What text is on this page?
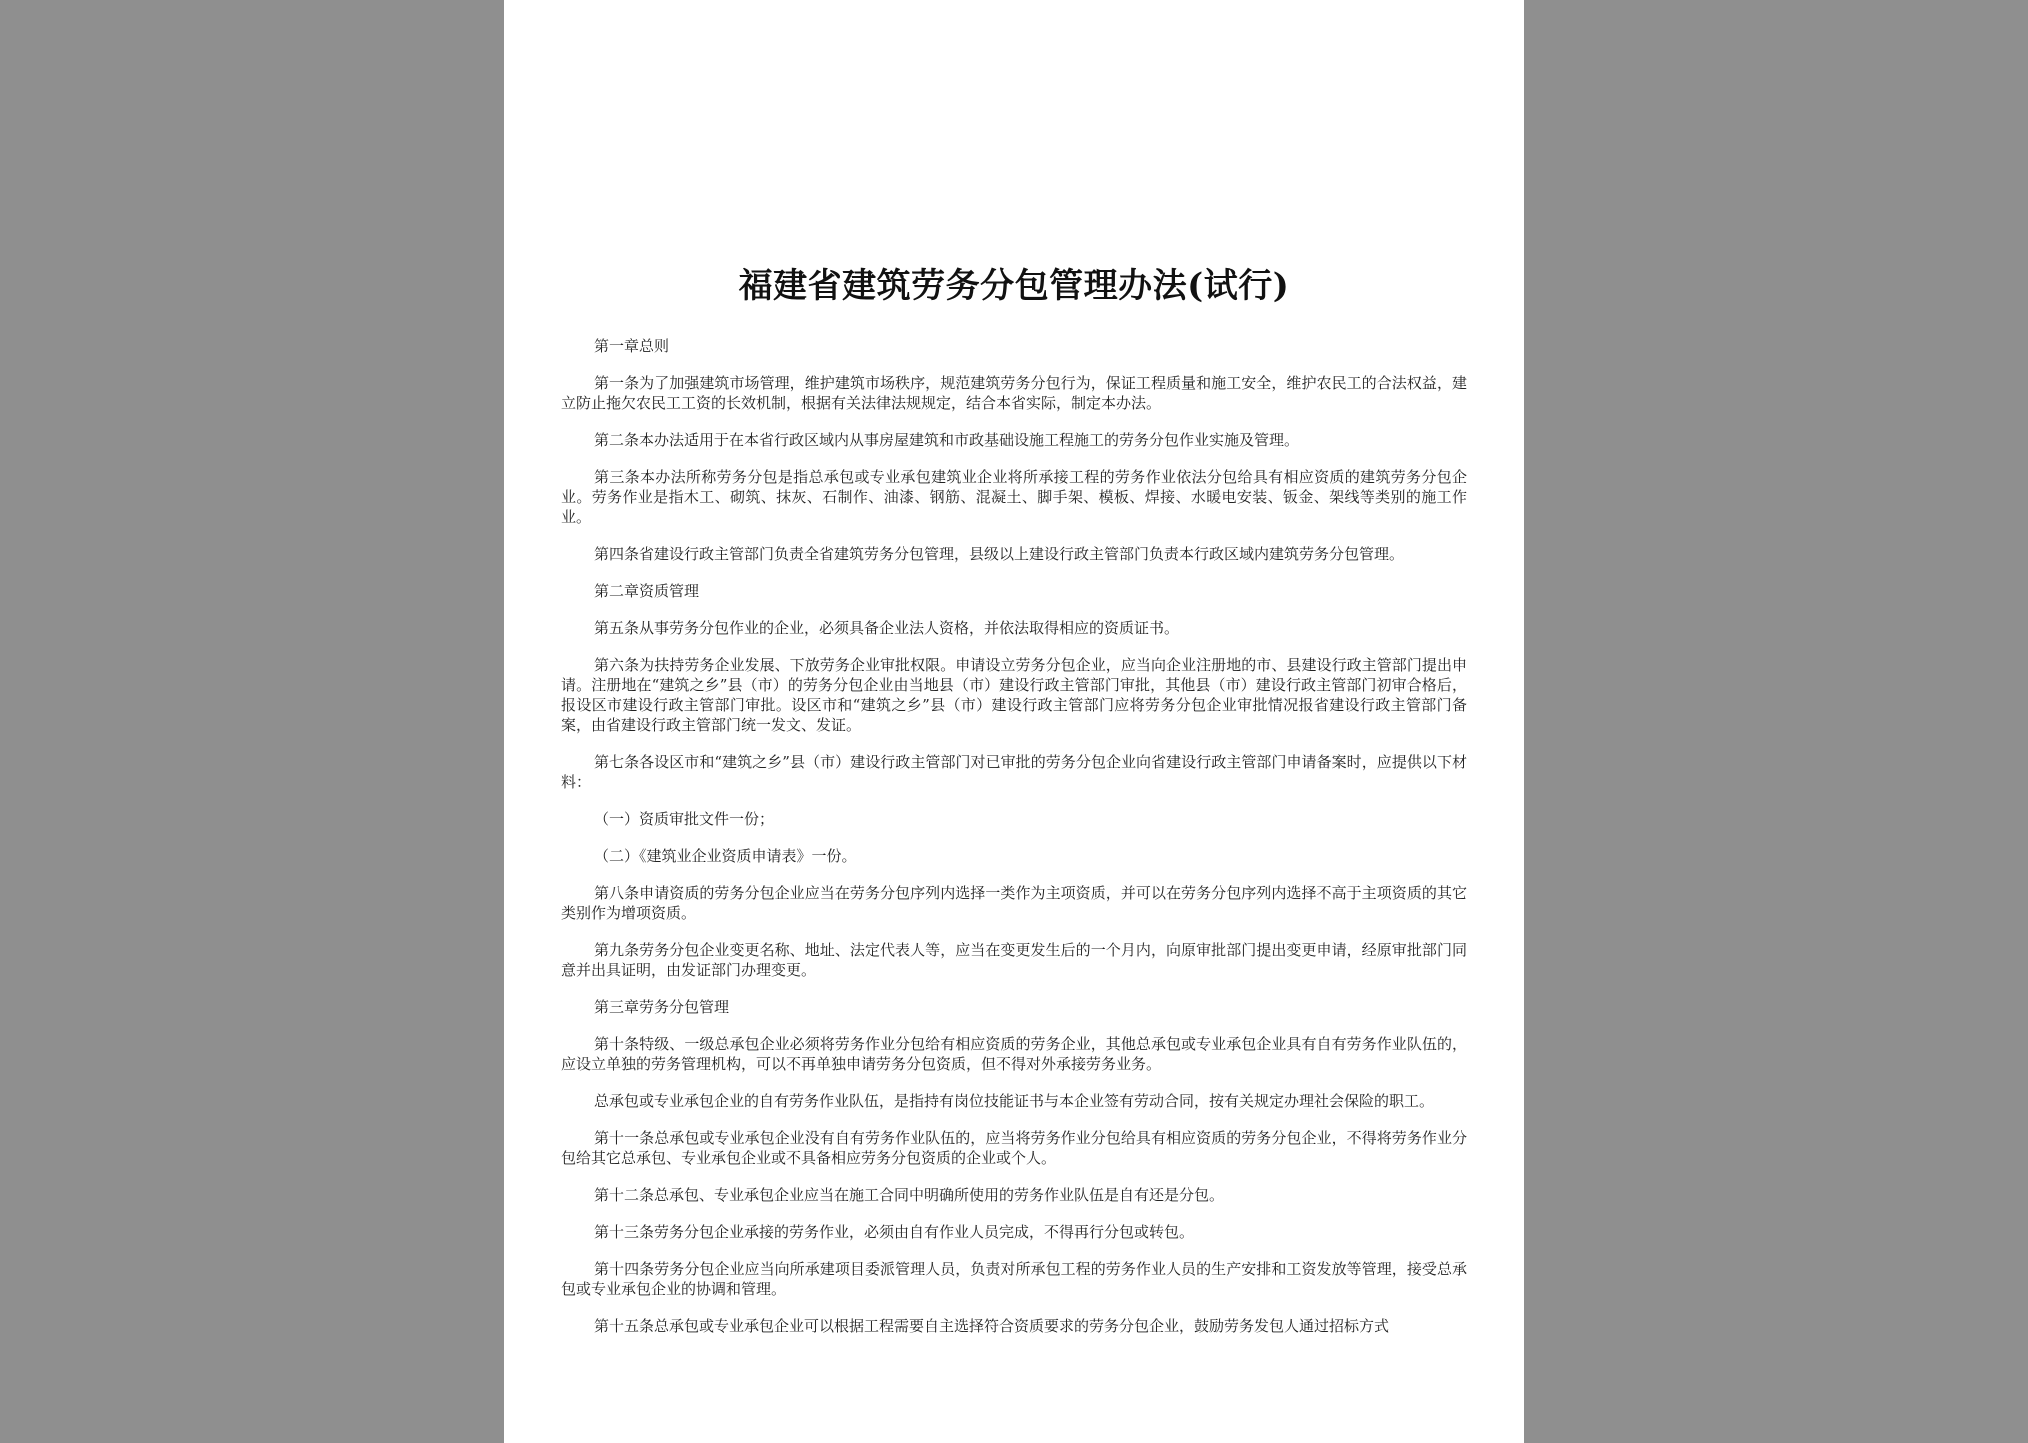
福建省建筑劳务分包管理办法(试行)

第一章总则

第一条为了加强建筑市场管理，维护建筑市场秩序，规范建筑劳务分包行为，保证工程质量和施工安全，维护农民工的合法权益，建立防止拖欠农民工工资的长效机制，根据有关法律法规规定，结合本省实际，制定本办法。

第二条本办法适用于在本省行政区域内从事房屋建筑和市政基础设施工程施工的劳务分包作业实施及管理。

第三条本办法所称劳务分包是指总承包或专业承包建筑业企业将所承接工程的劳务作业依法分包给具有相应资质的建筑劳务分包企业。劳务作业是指木工、砌筑、抹灰、石制作、油漆、钢筋、混凝土、脚手架、模板、焊接、水暖电安装、钣金、架线等类别的施工作业。

第四条省建设行政主管部门负责全省建筑劳务分包管理，县级以上建设行政主管部门负责本行政区域内建筑劳务分包管理。

第二章资质管理

第五条从事劳务分包作业的企业，必须具备企业法人资格，并依法取得相应的资质证书。

第六条为扶持劳务企业发展、下放劳务企业审批权限。申请设立劳务分包企业，应当向企业注册地的市、县建设行政主管部门提出申请。注册地在“建筑之乡”县（市）的劳务分包企业由当地县（市）建设行政主管部门审批，其他县（市）建设行政主管部门初审合格后，报设区市建设行政主管部门审批。设区市和“建筑之乡”县（市）建设行政主管部门应将劳务分包企业审批情况报省建设行政主管部门备案，由省建设行政主管部门统一发文、发证。

第七条各设区市和“建筑之乡”县（市）建设行政主管部门对已审批的劳务分包企业向省建设行政主管部门申请备案时，应提供以下材料：

（一）资质审批文件一份；

（二）《建筑业企业资质申请表》一份。

第八条申请资质的劳务分包企业应当在劳务分包序列内选择一类作为主项资质，并可以在劳务分包序列内选择不高于主项资质的其它类别作为增项资质。

第九条劳务分包企业变更名称、地址、法定代表人等，应当在变更发生后的一个月内，向原审批部门提出变更申请，经原审批部门同意并出具证明，由发证部门办理变更。

第三章劳务分包管理

第十条特级、一级总承包企业必须将劳务作业分包给有相应资质的劳务企业，其他总承包或专业承包企业具有自有劳务作业队伍的，应设立单独的劳务管理机构，可以不再单独申请劳务分包资质，但不得对外承接劳务业务。

总承包或专业承包企业的自有劳务作业队伍，是指持有岗位技能证书与本企业签有劳动合同，按有关规定办理社会保险的职工。

第十一条总承包或专业承包企业没有自有劳务作业队伍的，应当将劳务作业分包给具有相应资质的劳务分包企业，不得将劳务作业分包给其它总承包、专业承包企业或不具备相应劳务分包资质的企业或个人。

第十二条总承包、专业承包企业应当在施工合同中明确所使用的劳务作业队伍是自有还是分包。

第十三条劳务分包企业承接的劳务作业，必须由自有作业人员完成，不得再行分包或转包。

第十四条劳务分包企业应当向所承建项目委派管理人员，负责对所承包工程的劳务作业人员的生产安排和工资发放等管理，接受总承包或专业承包企业的协调和管理。

第十五条总承包或专业承包企业可以根据工程需要自主选择符合资质要求的劳务分包企业，鼓励劳务发包人通过招标方式
